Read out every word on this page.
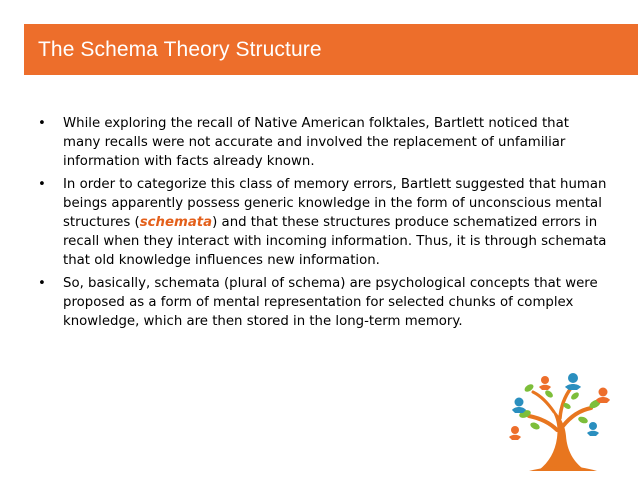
The Schema Theory Structure
• While exploring the recall of Native American folktales, Bartlett noticed that many recalls were not accurate and involved the replacement of unfamiliar information with facts already known.
• In order to categorize this class of memory errors, Bartlett suggested that human beings apparently possess generic knowledge in the form of unconscious mental structures (schemata) and that these structures produce schematized errors in recall when they interact with incoming information. Thus, it is through schemata that old knowledge influences new information.
• So, basically, schemata (plural of schema) are psychological concepts that were proposed as a form of mental representation for selected chunks of complex knowledge, which are then stored in the long-term memory.
